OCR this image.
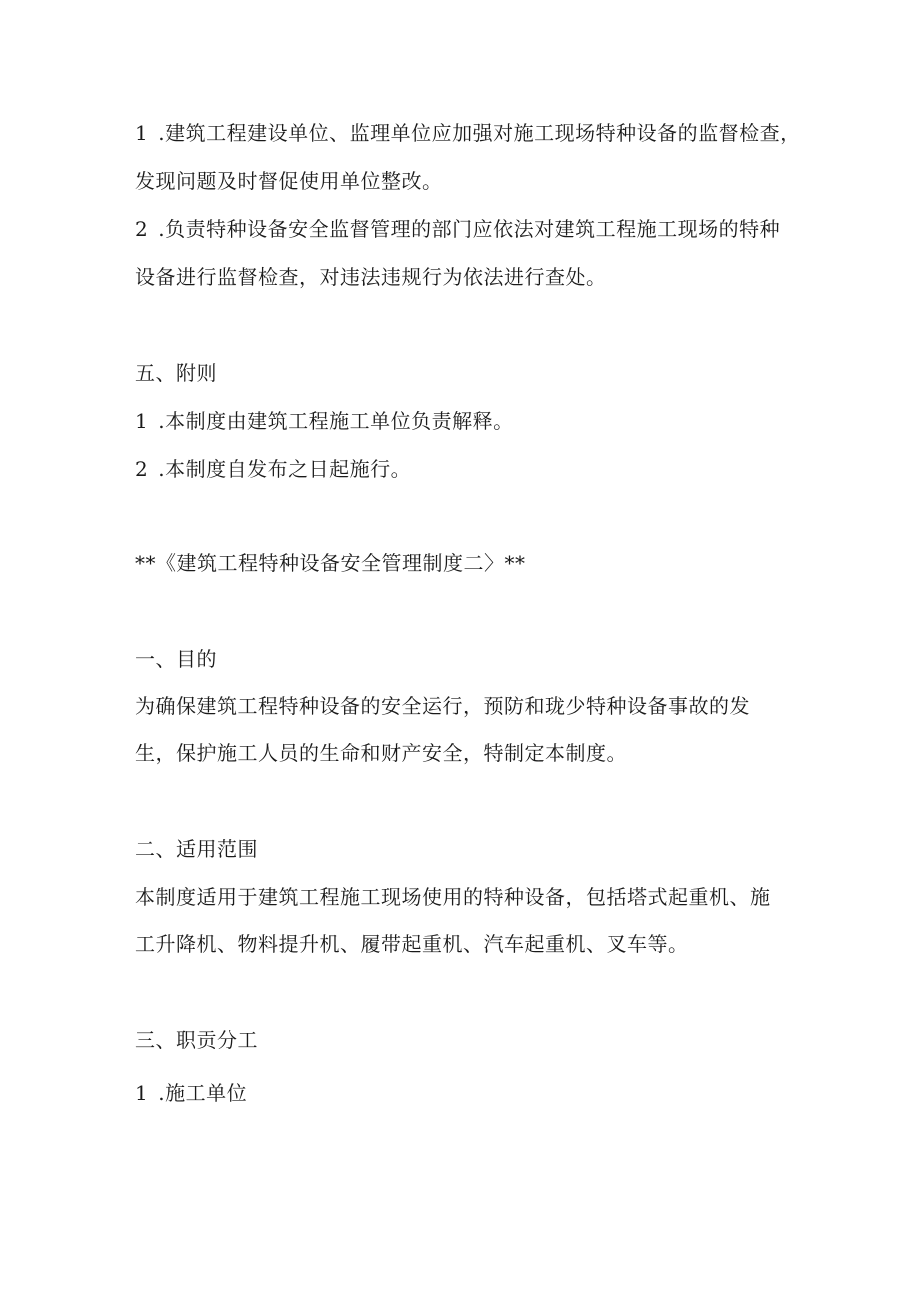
1 .建筑工程建设单位、监理单位应加强对施工现场特种设备的监督检查，
发现问题及时督促使用单位整改。
2 .负责特种设备安全监督管理的部门应依法对建筑工程施工现场的特种
设备进行监督检查，对违法违规行为依法进行查处。
五、附则
1 .本制度由建筑工程施工单位负责解释。
2 .本制度自发布之日起施行。
**《建筑工程特种设备安全管理制度二〉**
一、目的
为确保建筑工程特种设备的安全运行，预防和珑少特种设备事故的发
生，保护施工人员的生命和财产安全，特制定本制度。
二、适用范围
本制度适用于建筑工程施工现场使用的特种设备，包括塔式起重机、施
工升降机、物料提升机、履带起重机、汽车起重机、叉车等。
三、职贡分工
1 .施工单位
